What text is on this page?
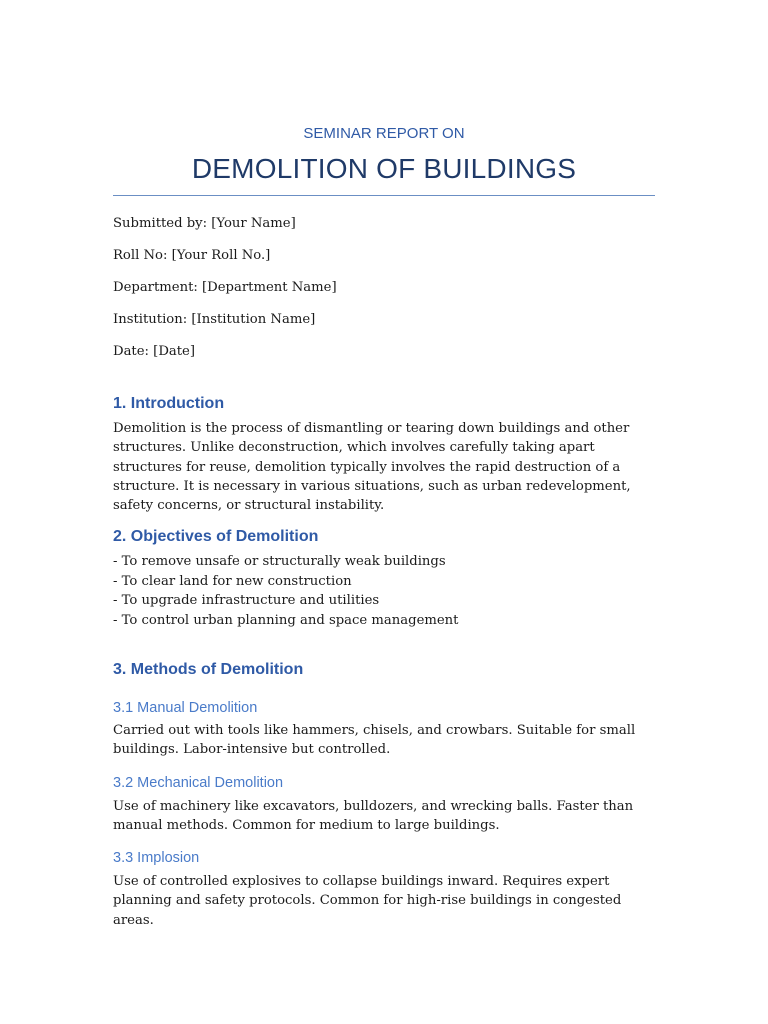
SEMINAR REPORT ON
DEMOLITION OF BUILDINGS
Submitted by: [Your Name]
Roll No: [Your Roll No.]
Department: [Department Name]
Institution: [Institution Name]
Date: [Date]
1. Introduction
Demolition is the process of dismantling or tearing down buildings and other structures. Unlike deconstruction, which involves carefully taking apart structures for reuse, demolition typically involves the rapid destruction of a structure. It is necessary in various situations, such as urban redevelopment, safety concerns, or structural instability.
2. Objectives of Demolition
- To remove unsafe or structurally weak buildings
- To clear land for new construction
- To upgrade infrastructure and utilities
- To control urban planning and space management
3. Methods of Demolition
3.1 Manual Demolition
Carried out with tools like hammers, chisels, and crowbars. Suitable for small buildings. Labor-intensive but controlled.
3.2 Mechanical Demolition
Use of machinery like excavators, bulldozers, and wrecking balls. Faster than manual methods. Common for medium to large buildings.
3.3 Implosion
Use of controlled explosives to collapse buildings inward. Requires expert planning and safety protocols. Common for high-rise buildings in congested areas.
